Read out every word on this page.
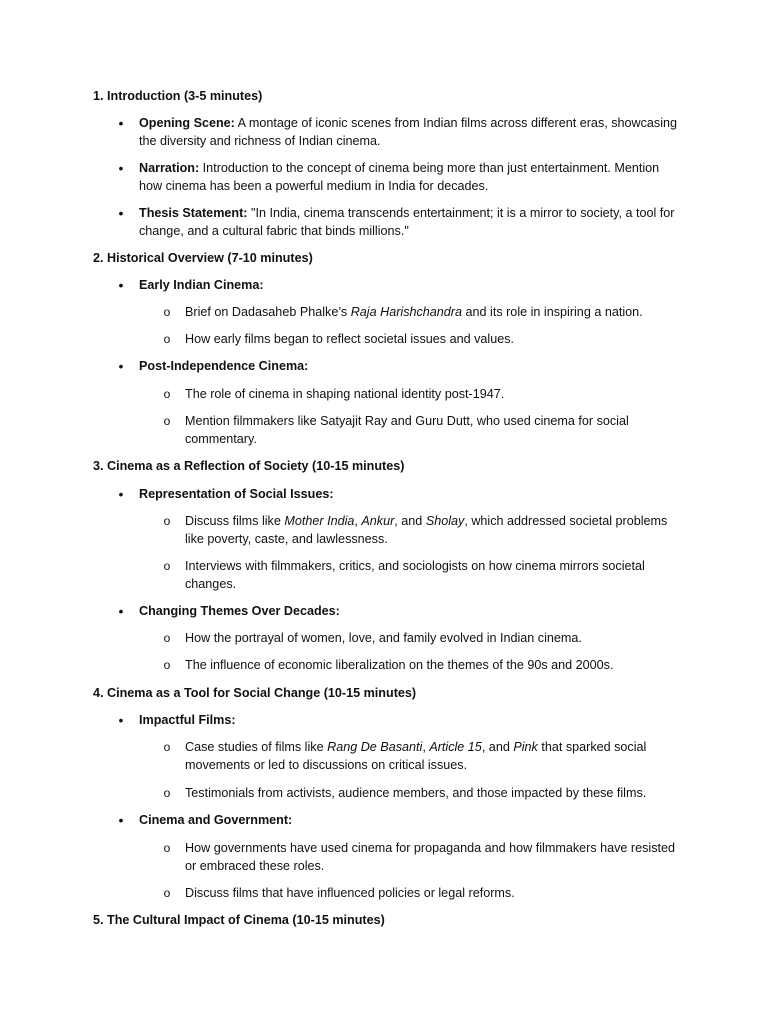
1. Introduction (3-5 minutes)
• Opening Scene: A montage of iconic scenes from Indian films across different eras, showcasing the diversity and richness of Indian cinema.
• Narration: Introduction to the concept of cinema being more than just entertainment. Mention how cinema has been a powerful medium in India for decades.
• Thesis Statement: "In India, cinema transcends entertainment; it is a mirror to society, a tool for change, and a cultural fabric that binds millions."
2. Historical Overview (7-10 minutes)
• Early Indian Cinema:
o Brief on Dadasaheb Phalke’s Raja Harishchandra and its role in inspiring a nation.
o How early films began to reflect societal issues and values.
• Post-Independence Cinema:
o The role of cinema in shaping national identity post-1947.
o Mention filmmakers like Satyajit Ray and Guru Dutt, who used cinema for social commentary.
3. Cinema as a Reflection of Society (10-15 minutes)
• Representation of Social Issues:
o Discuss films like Mother India, Ankur, and Sholay, which addressed societal problems like poverty, caste, and lawlessness.
o Interviews with filmmakers, critics, and sociologists on how cinema mirrors societal changes.
• Changing Themes Over Decades:
o How the portrayal of women, love, and family evolved in Indian cinema.
o The influence of economic liberalization on the themes of the 90s and 2000s.
4. Cinema as a Tool for Social Change (10-15 minutes)
• Impactful Films:
o Case studies of films like Rang De Basanti, Article 15, and Pink that sparked social movements or led to discussions on critical issues.
o Testimonials from activists, audience members, and those impacted by these films.
• Cinema and Government:
o How governments have used cinema for propaganda and how filmmakers have resisted or embraced these roles.
o Discuss films that have influenced policies or legal reforms.
5. The Cultural Impact of Cinema (10-15 minutes)
